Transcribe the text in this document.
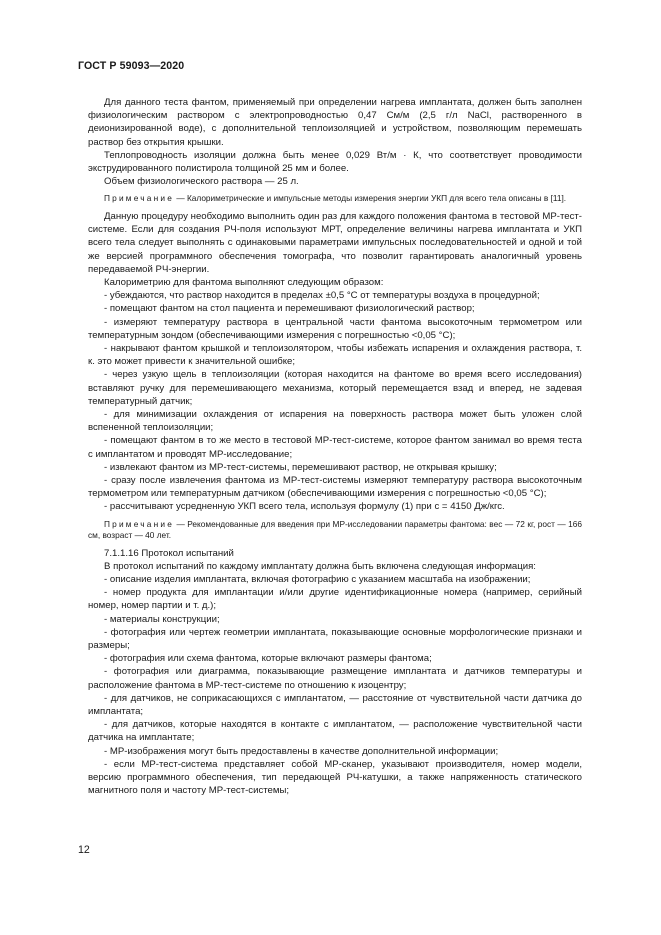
ГОСТ Р 59093—2020

Для данного теста фантом, применяемый при определении нагрева имплантата, должен быть заполнен физиологическим раствором с электропроводностью 0,47 См/м (2,5 г/л NaCl, растворенного в деионизированной воде), с дополнительной теплоизоляцией и устройством, позволяющим перемешать раствор без открытия крышки.

Теплопроводность изоляции должна быть менее 0,029 Вт/м · К, что соответствует проводимости экструдированного полистирола толщиной 25 мм и более.

Объем физиологического раствора — 25 л.

Примечание — Калориметрические и импульсные методы измерения энергии УКП для всего тела описаны в [11].

Данную процедуру необходимо выполнить один раз для каждого положения фантома в тестовой МР-тест-системе. Если для создания РЧ-поля используют МРТ, определение величины нагрева имплантата и УКП всего тела следует выполнять с одинаковыми параметрами импульсных последовательностей и одной и той же версией программного обеспечения томографа, что позволит гарантировать аналогичный уровень передаваемой РЧ-энергии.

Калориметрию для фантома выполняют следующим образом:

- убеждаются, что раствор находится в пределах ±0,5 °С от температуры воздуха в процедурной;

- помещают фантом на стол пациента и перемешивают физиологический раствор;

- измеряют температуру раствора в центральной части фантома высокоточным термометром или температурным зондом (обеспечивающими измерения с погрешностью <0,05 °С);

- накрывают фантом крышкой и теплоизолятором, чтобы избежать испарения и охлаждения раствора, т. к. это может привести к значительной ошибке;

- через узкую щель в теплоизоляции (которая находится на фантоме во время всего исследования) вставляют ручку для перемешивающего механизма, который перемещается взад и вперед, не задевая температурный датчик;

- для минимизации охлаждения от испарения на поверхность раствора может быть уложен слой вспененной теплоизоляции;

- помещают фантом в то же место в тестовой МР-тест-системе, которое фантом занимал во время теста с имплантатом и проводят МР-исследование;

- извлекают фантом из МР-тест-системы, перемешивают раствор, не открывая крышку;

- сразу после извлечения фантома из МР-тест-системы измеряют температуру раствора высокоточным термометром или температурным датчиком (обеспечивающими измерения с погрешностью <0,05 °С);

- рассчитывают усредненную УКП всего тела, используя формулу (1) при c = 4150 Дж/кгс.

Примечание — Рекомендованные для введения при МР-исследовании параметры фантома: вес — 72 кг, рост — 166 см, возраст — 40 лет.

7.1.1.16 Протокол испытаний

В протокол испытаний по каждому имплантату должна быть включена следующая информация:

- описание изделия имплантата, включая фотографию с указанием масштаба на изображении;

- номер продукта для имплантации и/или другие идентификационные номера (например, серийный номер, номер партии и т. д.);

- материалы конструкции;

- фотография или чертеж геометрии имплантата, показывающие основные морфологические признаки и размеры;

- фотография или схема фантома, которые включают размеры фантома;

- фотография или диаграмма, показывающие размещение имплантата и датчиков температуры и расположение фантома в МР-тест-системе по отношению к изоцентру;

- для датчиков, не соприкасающихся с имплантатом, — расстояние от чувствительной части датчика до имплантата;

- для датчиков, которые находятся в контакте с имплантатом, — расположение чувствительной части датчика на имплантате;

- МР-изображения могут быть предоставлены в качестве дополнительной информации;

- если МР-тест-система представляет собой МР-сканер, указывают производителя, номер модели, версию программного обеспечения, тип передающей РЧ-катушки, а также напряженность статического магнитного поля и частоту МР-тест-системы;

12
